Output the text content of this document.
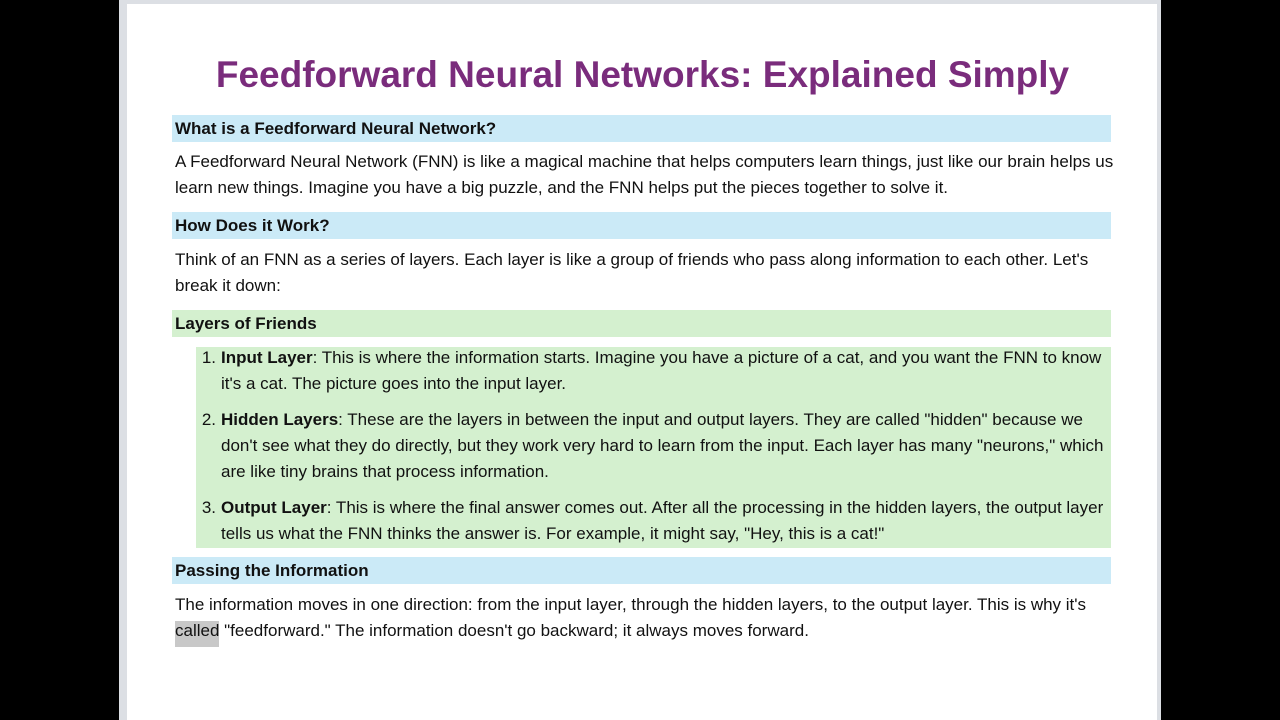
Feedforward Neural Networks: Explained Simply
What is a Feedforward Neural Network?

A Feedforward Neural Network (FNN) is like a magical machine that helps computers learn things, just like our brain helps us learn new things. Imagine you have a big puzzle, and the FNN helps put the pieces together to solve it.

How Does it Work?

Think of an FNN as a series of layers. Each layer is like a group of friends who pass along information to each other. Let's break it down:

Layers of Friends
1. Input Layer: This is where the information starts. Imagine you have a picture of a cat, and you want the FNN to know it's a cat. The picture goes into the input layer.
2. Hidden Layers: These are the layers in between the input and output layers. They are called "hidden" because we don't see what they do directly, but they work very hard to learn from the input. Each layer has many "neurons," which are like tiny brains that process information.
3. Output Layer: This is where the final answer comes out. After all the processing in the hidden layers, the output layer tells us what the FNN thinks the answer is. For example, it might say, "Hey, this is a cat!"
Passing the Information

The information moves in one direction: from the input layer, through the hidden layers, to the output layer. This is why it's called "feedforward." The information doesn't go backward; it always moves forward.
